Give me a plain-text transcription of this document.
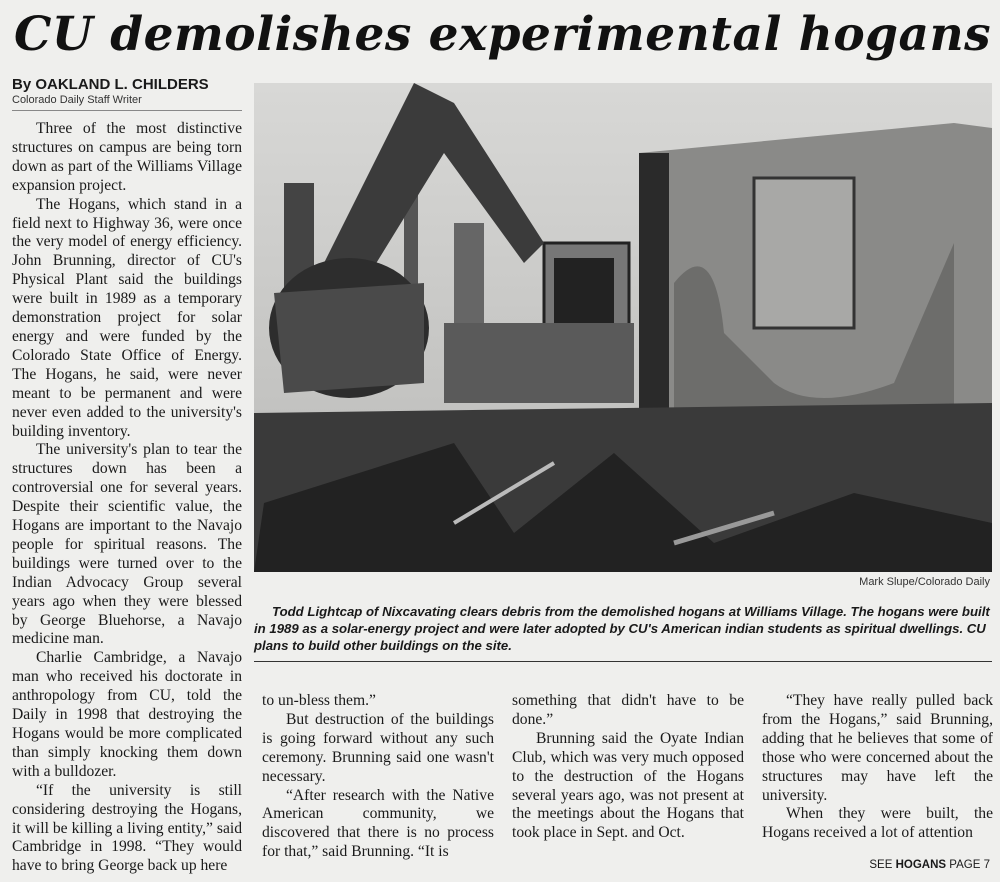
CU demolishes experimental hogans
By OAKLAND L. CHILDERS
Colorado Daily Staff Writer

Three of the most distinctive structures on campus are being torn down as part of the Williams Village expansion project.

The Hogans, which stand in a field next to Highway 36, were once the very model of energy efficiency. John Brunning, director of CU's Physical Plant said the buildings were built in 1989 as a temporary demonstration project for solar energy and were funded by the Colorado State Office of Energy. The Hogans, he said, were never meant to be permanent and were never even added to the university's building inventory.

The university's plan to tear the structures down has been a controversial one for several years. Despite their scientific value, the Hogans are important to the Navajo people for spiritual reasons. The buildings were turned over to the Indian Advocacy Group several years ago when they were blessed by George Bluehorse, a Navajo medicine man.

Charlie Cambridge, a Navajo man who received his doctorate in anthropology from CU, told the Daily in 1998 that destroying the Hogans would be more complicated than simply knocking them down with a bulldozer.

“If the university is still considering destroying the Hogans, it will be killing a living entity,” said Cambridge in 1998. “They would have to bring George back up here

Mark Slupe/Colorado Daily
Todd Lightcap of Nixcavating clears debris from the demolished hogans at Williams Village. The hogans were built in 1989 as a solar-energy project and were later adopted by CU's American indian students as spiritual dwellings. CU plans to build other buildings on the site.

to un-bless them.”

But destruction of the buildings is going forward without any such ceremony. Brunning said one wasn't necessary.

“After research with the Native American community, we discovered that there is no process for that,” said Brunning. “It is

something that didn't have to be done.”

Brunning said the Oyate Indian Club, which was very much opposed to the destruction of the Hogans several years ago, was not present at the meetings about the Hogans that took place in Sept. and Oct.

“They have really pulled back from the Hogans,” said Brunning, adding that he believes that some of those who were concerned about the structures may have left the university.

When they were built, the Hogans received a lot of attention

SEE HOGANS PAGE 7
